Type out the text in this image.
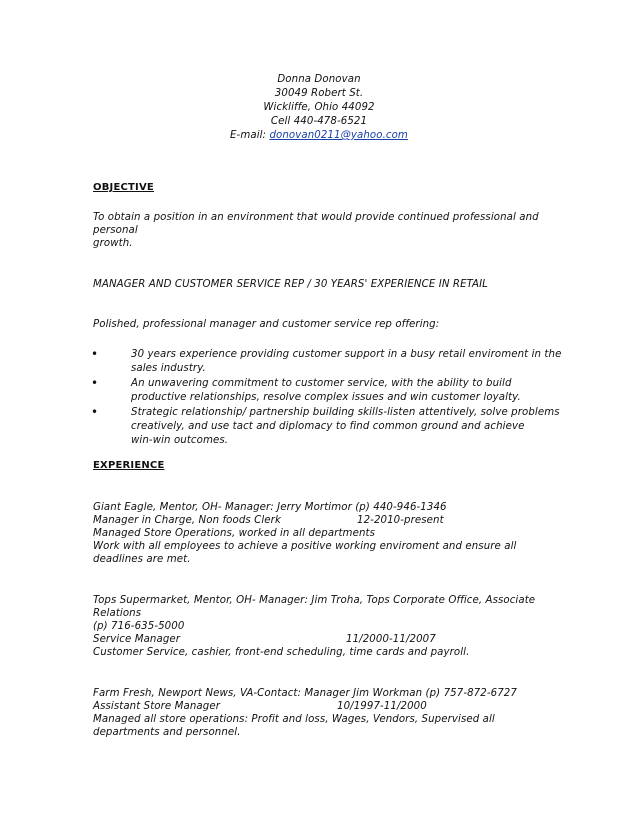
Donna Donovan
30049 Robert St.
Wickliffe, Ohio 44092
Cell 440-478-6521
E-mail: donovan0211@yahoo.com
OBJECTIVE
To obtain a position in an environment that would provide continued professional and
personal
growth.
MANAGER AND CUSTOMER SERVICE REP / 30 YEARS' EXPERIENCE IN RETAIL
Polished, professional manager and customer service rep offering:
•	30 years experience providing customer support in a busy retail enviroment in the
sales industry.
•	An unwavering commitment to customer service, with the ability to build
productive relationships, resolve complex issues and win customer loyalty.
•	Strategic relationship/ partnership building skills-listen attentively, solve problems
creatively, and use tact and diplomacy to find common ground and achieve
win-win outcomes.
EXPERIENCE
Giant Eagle, Mentor, OH- Manager: Jerry Mortimor (p) 440-946-1346
Manager in Charge, Non foods Clerk	12-2010-present
Managed Store Operations, worked in all departments
Work with all employees to achieve a positive working enviroment and ensure all
deadlines are met.
Tops Supermarket, Mentor, OH- Manager: Jim Troha, Tops Corporate Office, Associate
Relations
(p) 716-635-5000
Service Manager	11/2000-11/2007
Customer Service, cashier, front-end scheduling, time cards and payroll.
Farm Fresh, Newport News, VA-Contact: Manager Jim Workman (p) 757-872-6727
Assistant Store Manager	10/1997-11/2000
Managed all store operations: Profit and loss, Wages, Vendors, Supervised all
departments and personnel.
